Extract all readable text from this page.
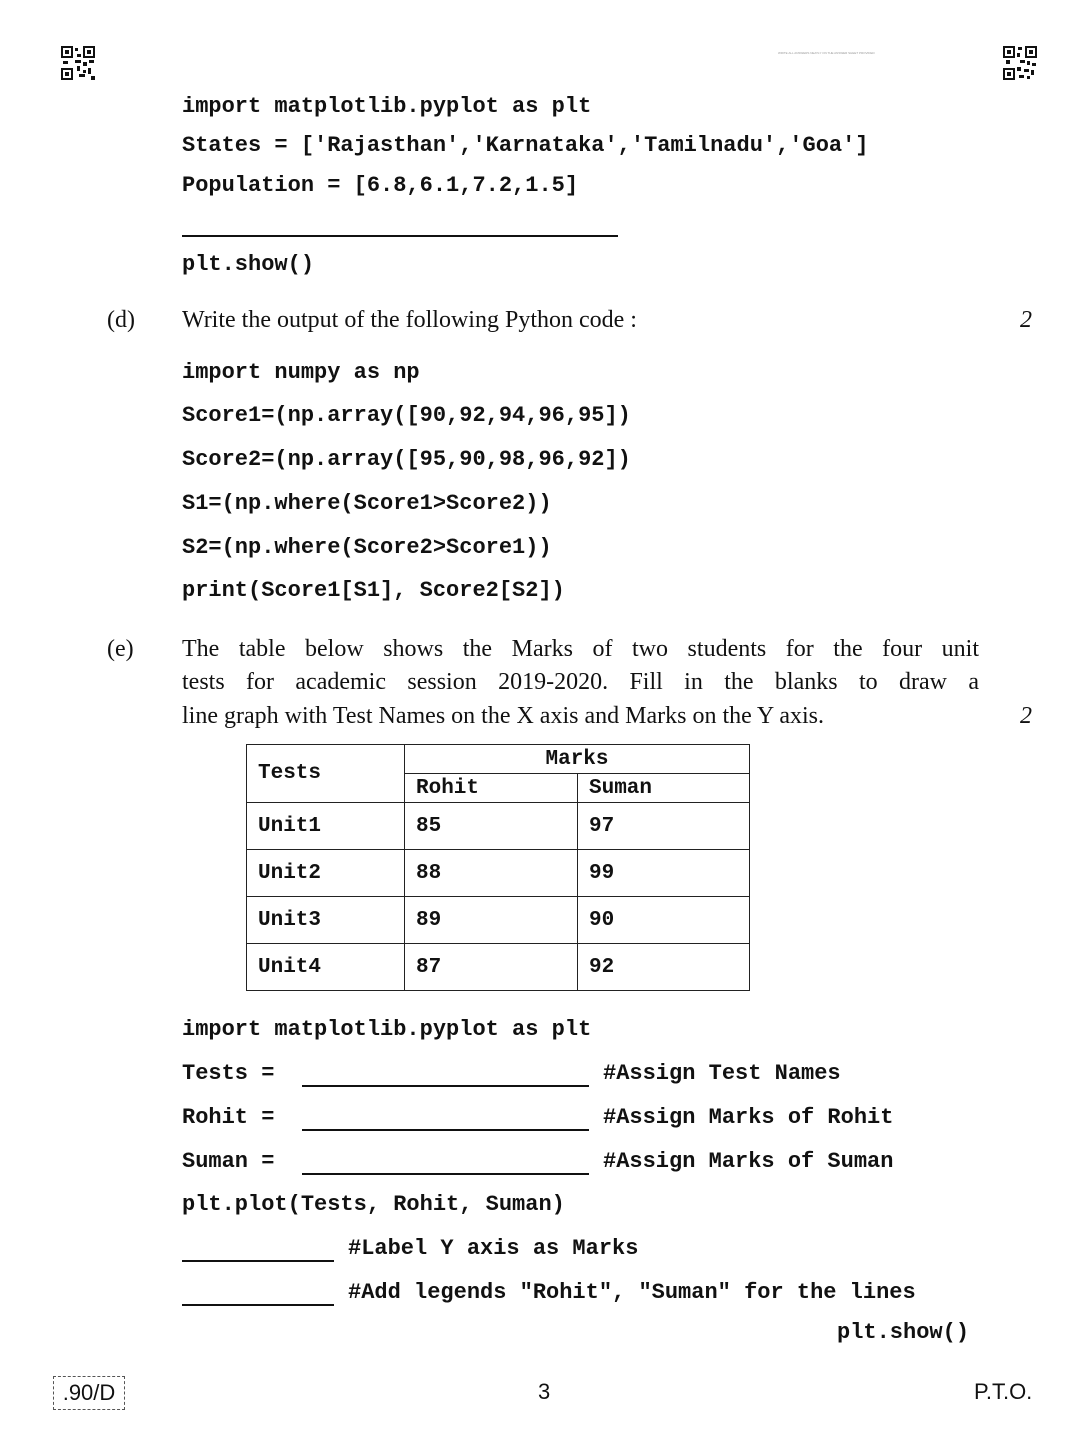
WRITE ALL ANSWERS NEATLY ON THE ANSWER SHEET PROVIDED
import matplotlib.pyplot as plt
States = ['Rajasthan','Karnataka','Tamilnadu','Goa']
Population = [6.8,6.1,7.2,1.5]
plt.show()
(d) Write the output of the following Python code :	2
import numpy as np
Score1=(np.array([90,92,94,96,95])
Score2=(np.array([95,90,98,96,92])
S1=(np.where(Score1>Score2))
S2=(np.where(Score2>Score1))
print(Score1[S1], Score2[S2])
(e) The table below shows the Marks of two students for the four unit
tests for academic session 2019-2020. Fill in the blanks to draw a
line graph with Test Names on the X axis and Marks on the Y axis.	2
Tests	Marks	
	Rohit	Suman
Unit1	85	97
Unit2	88	99
Unit3	89	90
Unit4	87	92
import matplotlib.pyplot as plt
Tests =	#Assign Test Names
Rohit =	#Assign Marks of Rohit
Suman =	#Assign Marks of Suman
plt.plot(Tests, Rohit, Suman)
#Label Y axis as Marks
#Add legends "Rohit", "Suman" for the lines
plt.show()
.90/D	3	P.T.O.
